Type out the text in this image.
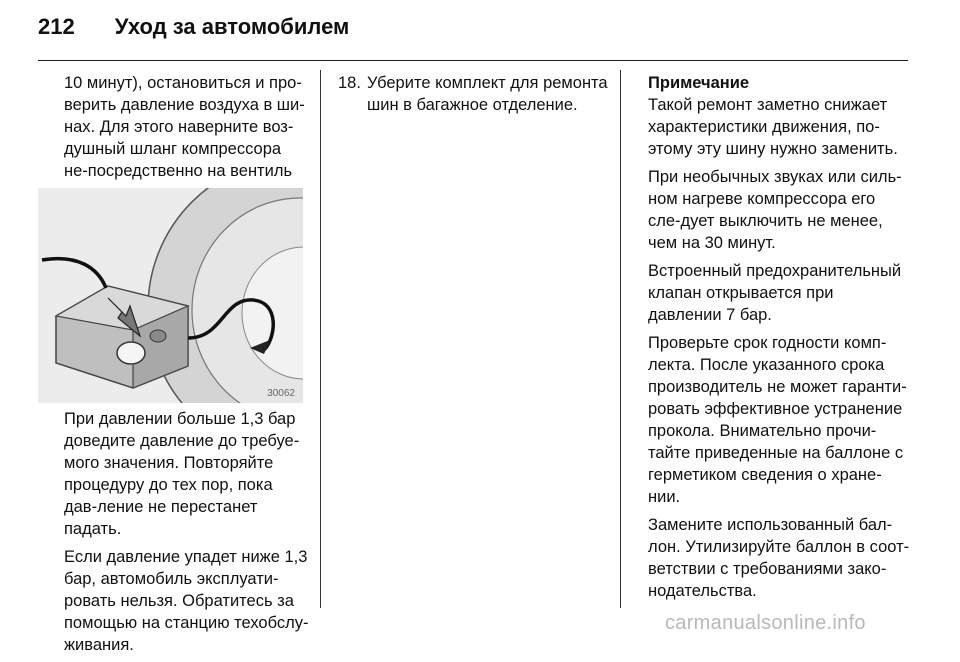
212 Уход за автомобилем

10 минут), остановиться и про-верить давление воздуха в ши-нах. Для этого наверните воз-душный шланг компрессора не-посредственно на вентиль

При давлении больше 1,3 бар доведите давление до требуе-мого значения. Повторяйте процедуру до тех пор, пока дав-ление не перестанет падать.

Если давление упадет ниже 1,3 бар, автомобиль эксплуати-ровать нельзя. Обратитесь за помощью на станцию техобслу-живания.

30062
18. Уберите комплект для ремонта шин в багажное отделение.

Примечание
Такой ремонт заметно снижает характеристики движения, по-этому эту шину нужно заменить.

При необычных звуках или силь-ном нагреве компрессора его сле-дует выключить не менее, чем на 30 минут.

Встроенный предохранительный клапан открывается при давлении 7 бар.

Проверьте срок годности комп-лекта. После указанного срока производитель не может гаранти-ровать эффективное устранение прокола. Внимательно прочи-тайте приведенные на баллоне с герметиком сведения о хране-нии.

Замените использованный бал-лон. Утилизируйте баллон в соот-ветствии с требованиями зако-нодательства.

carmanualsonline.info
